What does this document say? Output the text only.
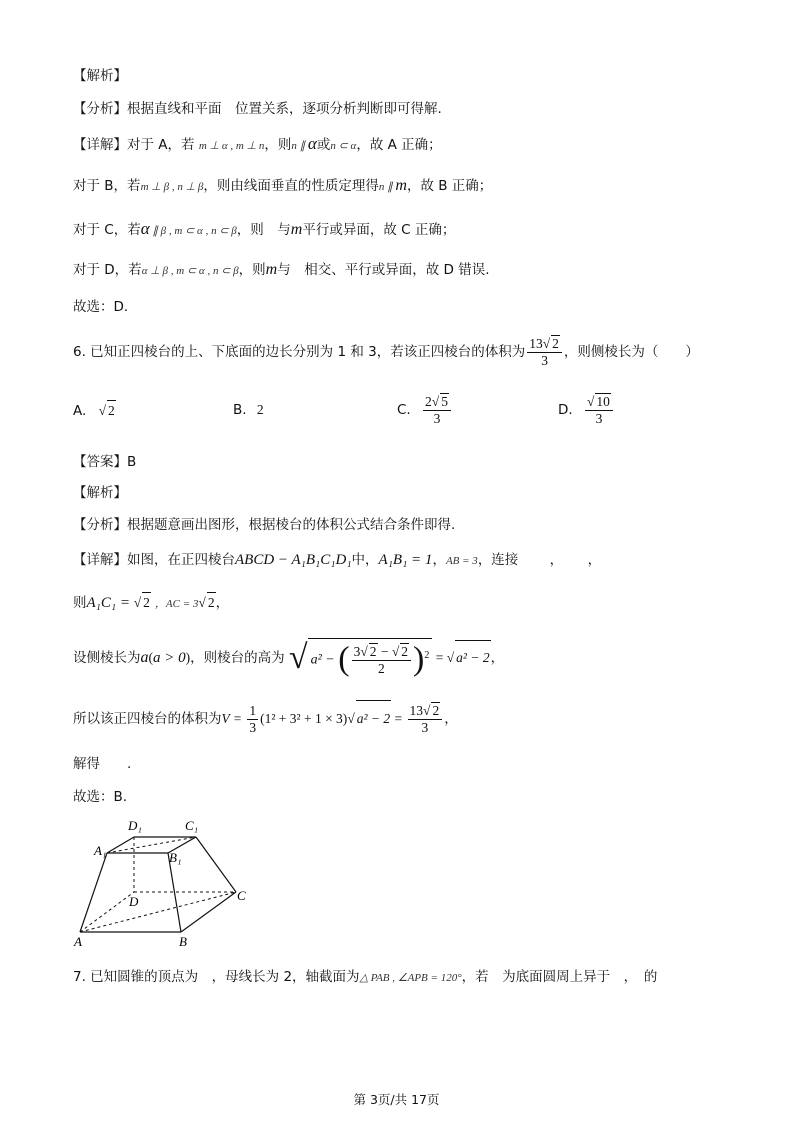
【解析】
【分析】根据直线和平面　位置关系，逐项分析判断即可得解.
【详解】对于 A，若 m ⊥ α , m ⊥ n，则n ∥ α或n ⊂ α，故 A 正确；
对于 B，若m ⊥ β , n ⊥ β，则由线面垂直的性质定理得n ∥ m，故 B 正确；
对于 C，若α ∥ β , m ⊂ α , n ⊂ β，则　与m平行或异面，故 C 正确；
对于 D，若α ⊥ β , m ⊂ α , n ⊂ β，则m与　相交、平行或异面，故 D 错误.
故选：D.
6. 已知正四棱台的上、下底面的边长分别为 1 和 3，若该正四棱台的体积为 $\frac{13√ 2}{3}$ ，则侧棱长为（　　）
A. √ 2	B. 2	C. $\frac{2√ 5}{3}$	D. $\frac{√ 10}{3}$
【答案】B
【解析】
【分析】根据题意画出图形，根据棱台的体积公式结合条件即得.
【详解】如图，在正四棱台ABCD − A₁B₁C₁D₁中，A₁B₁ = 1，AB = 3，连接　　 ，　　 ，
则A₁C₁ = √ 2 ，AC = 3√ 2，
设侧棱长为a(a > 0)，则棱台的高为 √ a² − ( $\frac{3√ 2 - √ 2}{2} )^2$ = √ a² − 2，
所以该正四棱台的体积为$V = \frac{1}{3} (1^2 + 3^2 + 1 \times 3)√$ $a^2 - 2 = \frac{13√ 2}{3}$ ，
解得　　.
故选：B.
D₁	C₁
A₁	B₁
D	C
A	B
7. 已知圆锥的顶点为　，母线长为 2，轴截面为△ PAB , ∠APB = 120°，若　为底面圆周上异于　，　的
第 3页/共 17页
